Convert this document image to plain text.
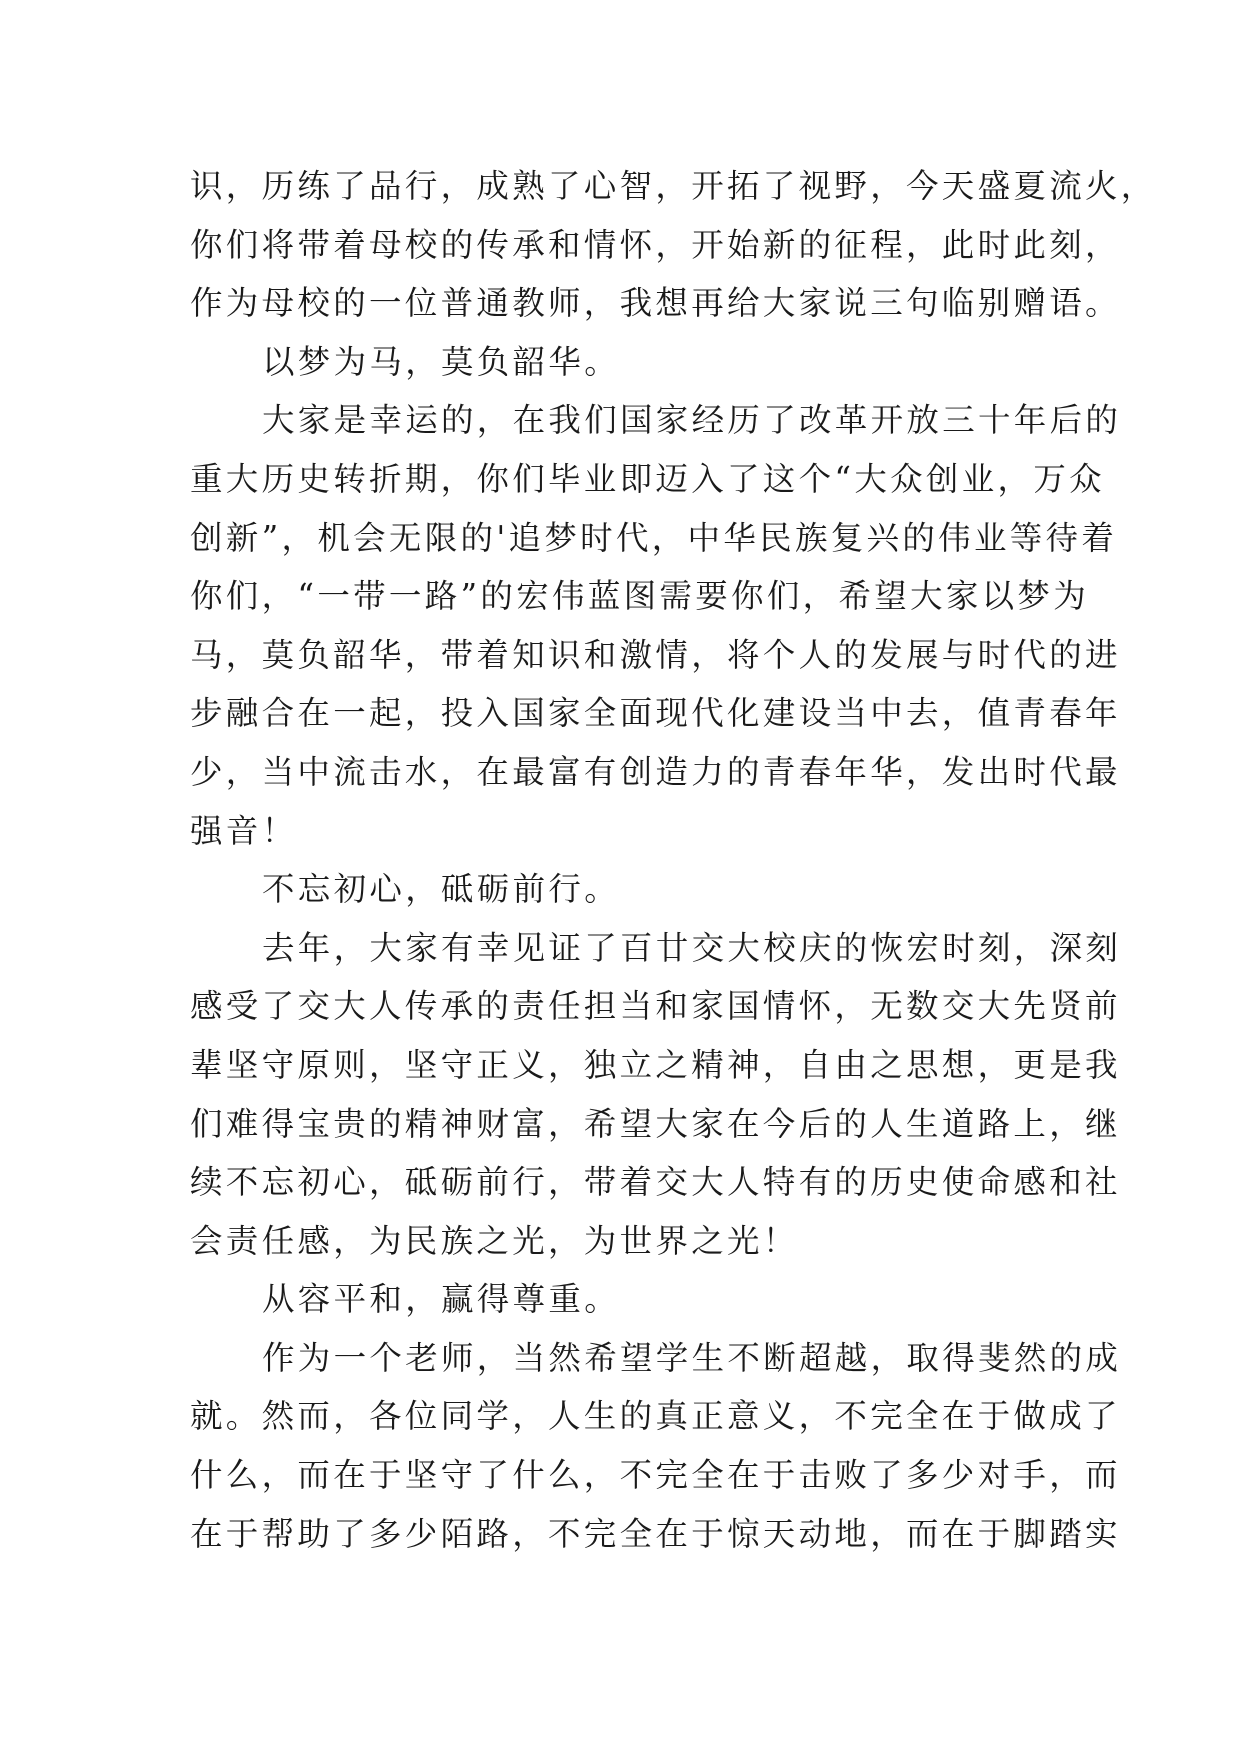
识，历练了品行，成熟了心智，开拓了视野，今天盛夏流火，
你们将带着母校的传承和情怀，开始新的征程，此时此刻，
作为母校的一位普通教师，我想再给大家说三句临别赠语。
以梦为马，莫负韶华。
大家是幸运的，在我们国家经历了改革开放三十年后的
重大历史转折期，你们毕业即迈入了这个“大众创业，万众
创新”，机会无限的'追梦时代，中华民族复兴的伟业等待着
你们，“一带一路”的宏伟蓝图需要你们，希望大家以梦为
马，莫负韶华，带着知识和激情，将个人的发展与时代的进
步融合在一起，投入国家全面现代化建设当中去，值青春年
少，当中流击水，在最富有创造力的青春年华，发出时代最
强音！
不忘初心，砥砺前行。
去年，大家有幸见证了百廿交大校庆的恢宏时刻，深刻
感受了交大人传承的责任担当和家国情怀，无数交大先贤前
辈坚守原则，坚守正义，独立之精神，自由之思想，更是我
们难得宝贵的精神财富，希望大家在今后的人生道路上，继
续不忘初心，砥砺前行，带着交大人特有的历史使命感和社
会责任感，为民族之光，为世界之光！
从容平和，赢得尊重。
作为一个老师，当然希望学生不断超越，取得斐然的成
就。然而，各位同学，人生的真正意义，不完全在于做成了
什么，而在于坚守了什么，不完全在于击败了多少对手，而
在于帮助了多少陌路，不完全在于惊天动地，而在于脚踏实
